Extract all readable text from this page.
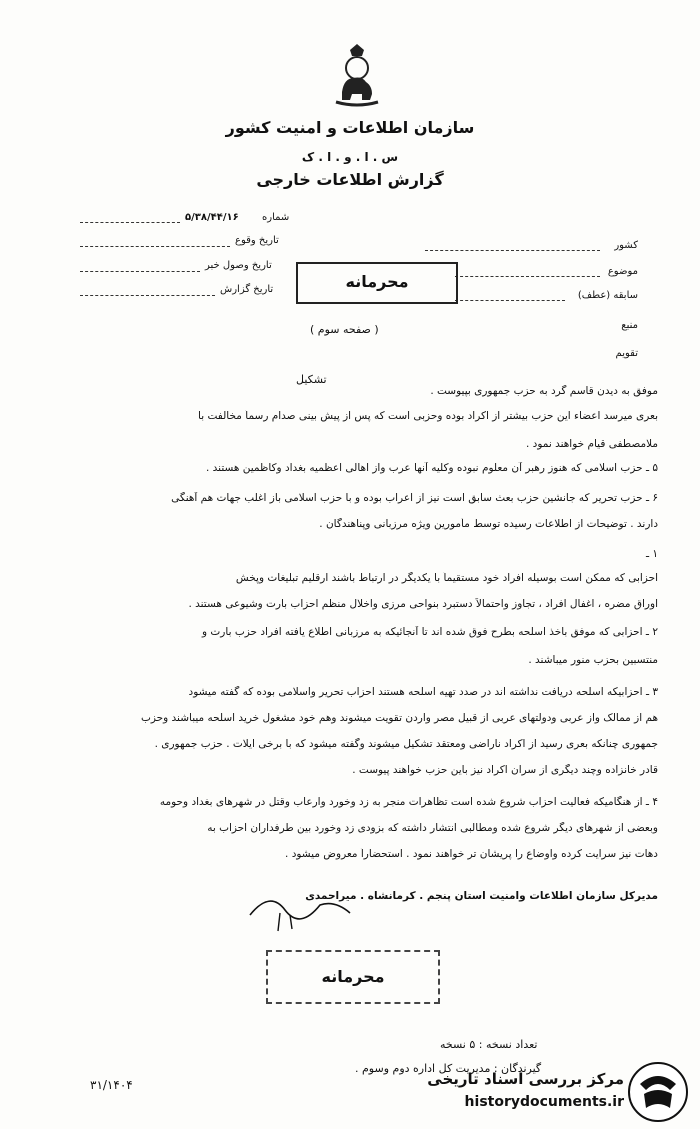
سازمان اطلاعات و امنیت کشور
س . ا . و . ا . ک
گزارش اطلاعات خارجی
شماره
۵/۳۸/۴۴/۱۶
تاریخ وقوع
تاریخ وصول خبر
تاریخ گزارش
کشور
موضوع
سابقه (عطف)
منبع
تقویم
محرمانه
( صفحه سوم )
تشکیل
موفق به دیدن قاسم گرد به حزب جمهوری بپیوست .
بعری میرسد اعضاء این حزب بیشتر از اکراد بوده وحزبی است که پس از پیش بینی صدام رسماً مخالفت با
ملامصطفی قیام خواهند نمود .
۵ ـ حزب اسلامی که هنوز رهبر آن معلوم نبوده وکلیه آنها عرب واز اهالی اعظمیه بغداد وکاظمین هستند .
۶ ـ حزب تحریر که جانشین حزب بعث سابق است نیز از اعراب بوده و با حزب اسلامی باز اغلب جهات هم آهنگی
دارند . توضیحات از اطلاعات رسیده توسط مأمورین ویژه مرزبانی وپناهندگان .
۱ ـ
احزابی که ممکن است بوسیله افراد خود مستقیماً با یکدیگر در ارتباط باشند ارقلیم تبلیغات وپخش
اوراق مضره ، اغفال افراد ، تجاوز واحتمالاً دستبرد بنواحی مرزی واخلال منظم احزاب بارت وشیوعی هستند .
۲ ـ احزابی که موفق باخذ اسلحه بطرح فوق شده اند تا آنجائیکه به مرزبانی اطلاع یافته افراد حزب بارت و
منتسبین بحزب منور میباشند .
۳ ـ احزابیکه اسلحه دریافت نداشته اند در صدد تهیه اسلحه هستند احزاب تحریر واسلامی بوده که گفته میشود
هم از ممالک واز عربی ودولتهای عربی از قبیل مصر واردن تقویت میشوند وهم خود مشغول خرید اسلحه میباشند وحزب
جمهوری چنانکه بعری رسید از اکراد ناراضی ومعتقد تشکیل میشوند وگفته میشود که با برخی ایلات . حزب جمهوری .
قادر خانزاده وچند دیگری از سران اکراد نیز باین حزب خواهند پیوست .
۴ ـ از هنگامیکه فعالیت احزاب شروع شده است تظاهرات منجر به زد وخورد وارعاب وقتل در شهرهای بغداد وحومه
وبعضی از شهرهای دیگر شروع شده ومطالبی انتشار داشته که بزودی زد وخورد بین طرفداران احزاب به
دهات نیز سرایت کرده واوضاع را پریشان تر خواهند نمود . استحضاراً معروض میشود .
مدیرکل سازمان اطلاعات وامنیت استان پنجم . کرمانشاه . میراحمدی
محرمانه
تعداد نسخه : ۵ نسخه
گیرندگان : مدیریت کل اداره دوم وسوم .
۳۱/۱۴۰۴	مرکز بررسی اسناد تاریخی
historydocuments.ir
